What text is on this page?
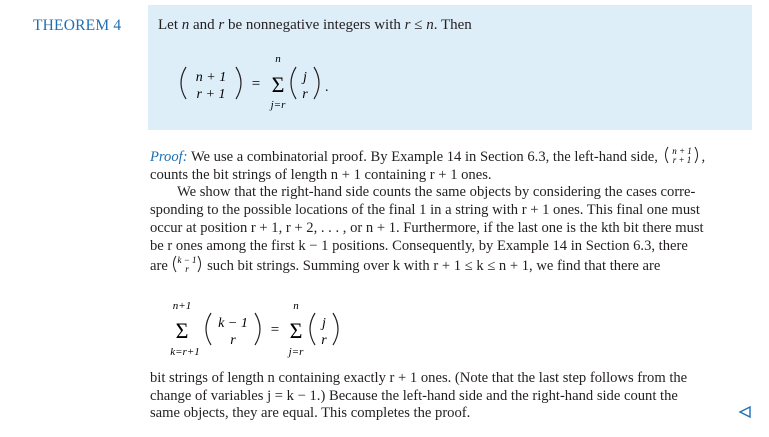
THEOREM 4 Let n and r be nonnegative integers with r ≤ n. Then
n + 1
r + 1
=
n
Σ
j=r
j
r .

Proof: We use a combinatorial proof. By Example 14 in Section 6.3, the left-hand side, n + 1
r + 1 ,

counts the bit strings of length n + 1 containing r + 1 ones.

We show that the right-hand side counts the same objects by considering the cases corre-

sponding to the possible locations of the final 1 in a string with r + 1 ones. This final one must

occur at position r + 1, r + 2, . . . , or n + 1. Furthermore, if the last one is the kth bit there must

be r ones among the first k − 1 positions. Consequently, by Example 14 in Section 6.3, there

are k − 1
r such bit strings. Summing over k with r + 1 ≤ k ≤ n + 1, we find that there are

n+1
Σ
k=r+1
k − 1
r
=
n
Σ
j=r
j
r

bit strings of length n containing exactly r + 1 ones. (Note that the last step follows from the

change of variables j = k − 1.) Because the left-hand side and the right-hand side count the

same objects, they are equal. This completes the proof.
